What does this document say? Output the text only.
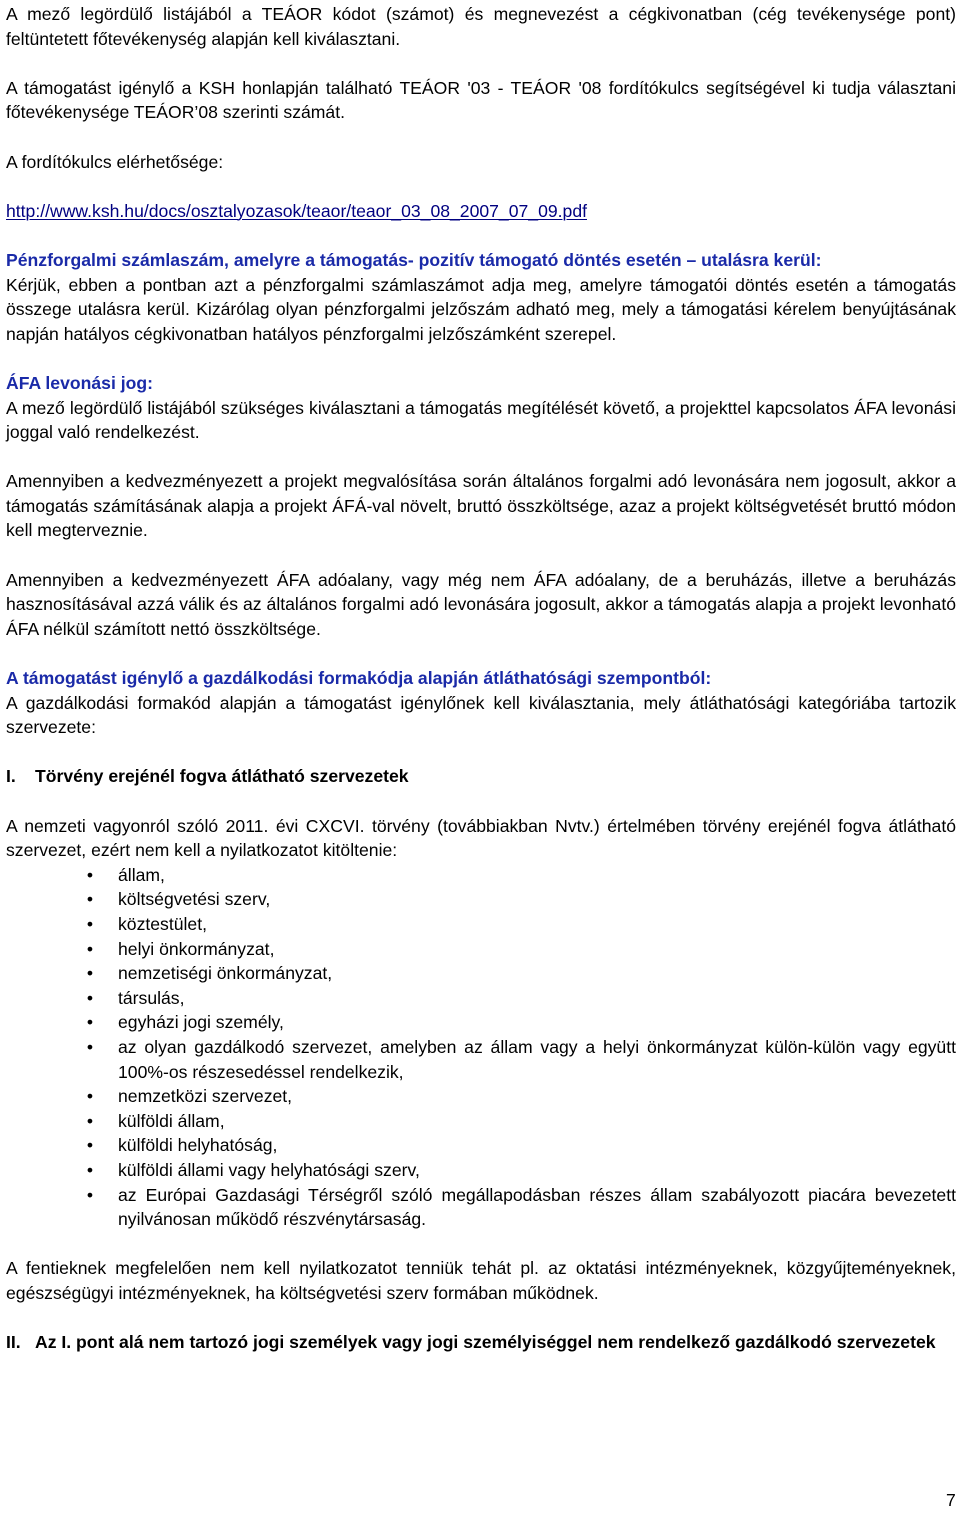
A mező legördülő listájából a TEÁOR kódot (számot) és megnevezést a cégkivonatban (cég tevékenysége pont) feltüntetett főtevékenység alapján kell kiválasztani.

A támogatást igénylő a KSH honlapján található TEÁOR '03 - TEÁOR '08 fordítókulcs segítségével ki tudja választani főtevékenysége TEÁOR’08 szerinti számát.

A fordítókulcs elérhetősége:

http://www.ksh.hu/docs/osztalyozasok/teaor/teaor_03_08_2007_07_09.pdf

Pénzforgalmi számlaszám, amelyre a támogatás- pozitív támogató döntés esetén – utalásra kerül:

Kérjük, ebben a pontban azt a pénzforgalmi számlaszámot adja meg, amelyre támogatói döntés esetén a támogatás összege utalásra kerül. Kizárólag olyan pénzforgalmi jelzőszám adható meg, mely a támogatási kérelem benyújtásának napján hatályos cégkivonatban hatályos pénzforgalmi jelzőszámként szerepel.

ÁFA levonási jog:

A mező legördülő listájából szükséges kiválasztani a támogatás megítélését követő, a projekttel kapcsolatos ÁFA levonási joggal való rendelkezést.

Amennyiben a kedvezményezett a projekt megvalósítása során általános forgalmi adó levonására nem jogosult, akkor a támogatás számításának alapja a projekt ÁFÁ-val növelt, bruttó összköltsége, azaz a projekt költségvetését bruttó módon kell megterveznie.

Amennyiben a kedvezményezett ÁFA adóalany, vagy még nem ÁFA adóalany, de a beruházás, illetve a beruházás hasznosításával azzá válik és az általános forgalmi adó levonására jogosult, akkor a támogatás alapja a projekt levonható ÁFA nélkül számított nettó összköltsége.

A támogatást igénylő a gazdálkodási formakódja alapján átláthatósági szempontból:

A gazdálkodási formakód alapján a támogatást igénylőnek kell kiválasztania, mely átláthatósági kategóriába tartozik szervezete:

I.	Törvény erejénél fogva átlátható szervezetek

A nemzeti vagyonról szóló 2011. évi CXCVI. törvény (továbbiakban Nvtv.) értelmében törvény erejénél fogva átlátható szervezet, ezért nem kell a nyilatkozatot kitöltenie:

• állam,
• költségvetési szerv,
• köztestület,
• helyi önkormányzat,
• nemzetiségi önkormányzat,
• társulás,
• egyházi jogi személy,
• az olyan gazdálkodó szervezet, amelyben az állam vagy a helyi önkormányzat külön-külön vagy együtt 100%-os részesedéssel rendelkezik,
• nemzetközi szervezet,
• külföldi állam,
• külföldi helyhatóság,
• külföldi állami vagy helyhatósági szerv,
• az Európai Gazdasági Térségről szóló megállapodásban részes állam szabályozott piacára bevezetett nyilvánosan működő részvénytársaság.

A fentieknek megfelelően nem kell nyilatkozatot tenniük tehát pl. az oktatási intézményeknek, közgyűjteményeknek, egészségügyi intézményeknek, ha költségvetési szerv formában működnek.

II. Az I. pont alá nem tartozó jogi személyek vagy jogi személyiséggel nem rendelkező gazdálkodó szervezetek
7
